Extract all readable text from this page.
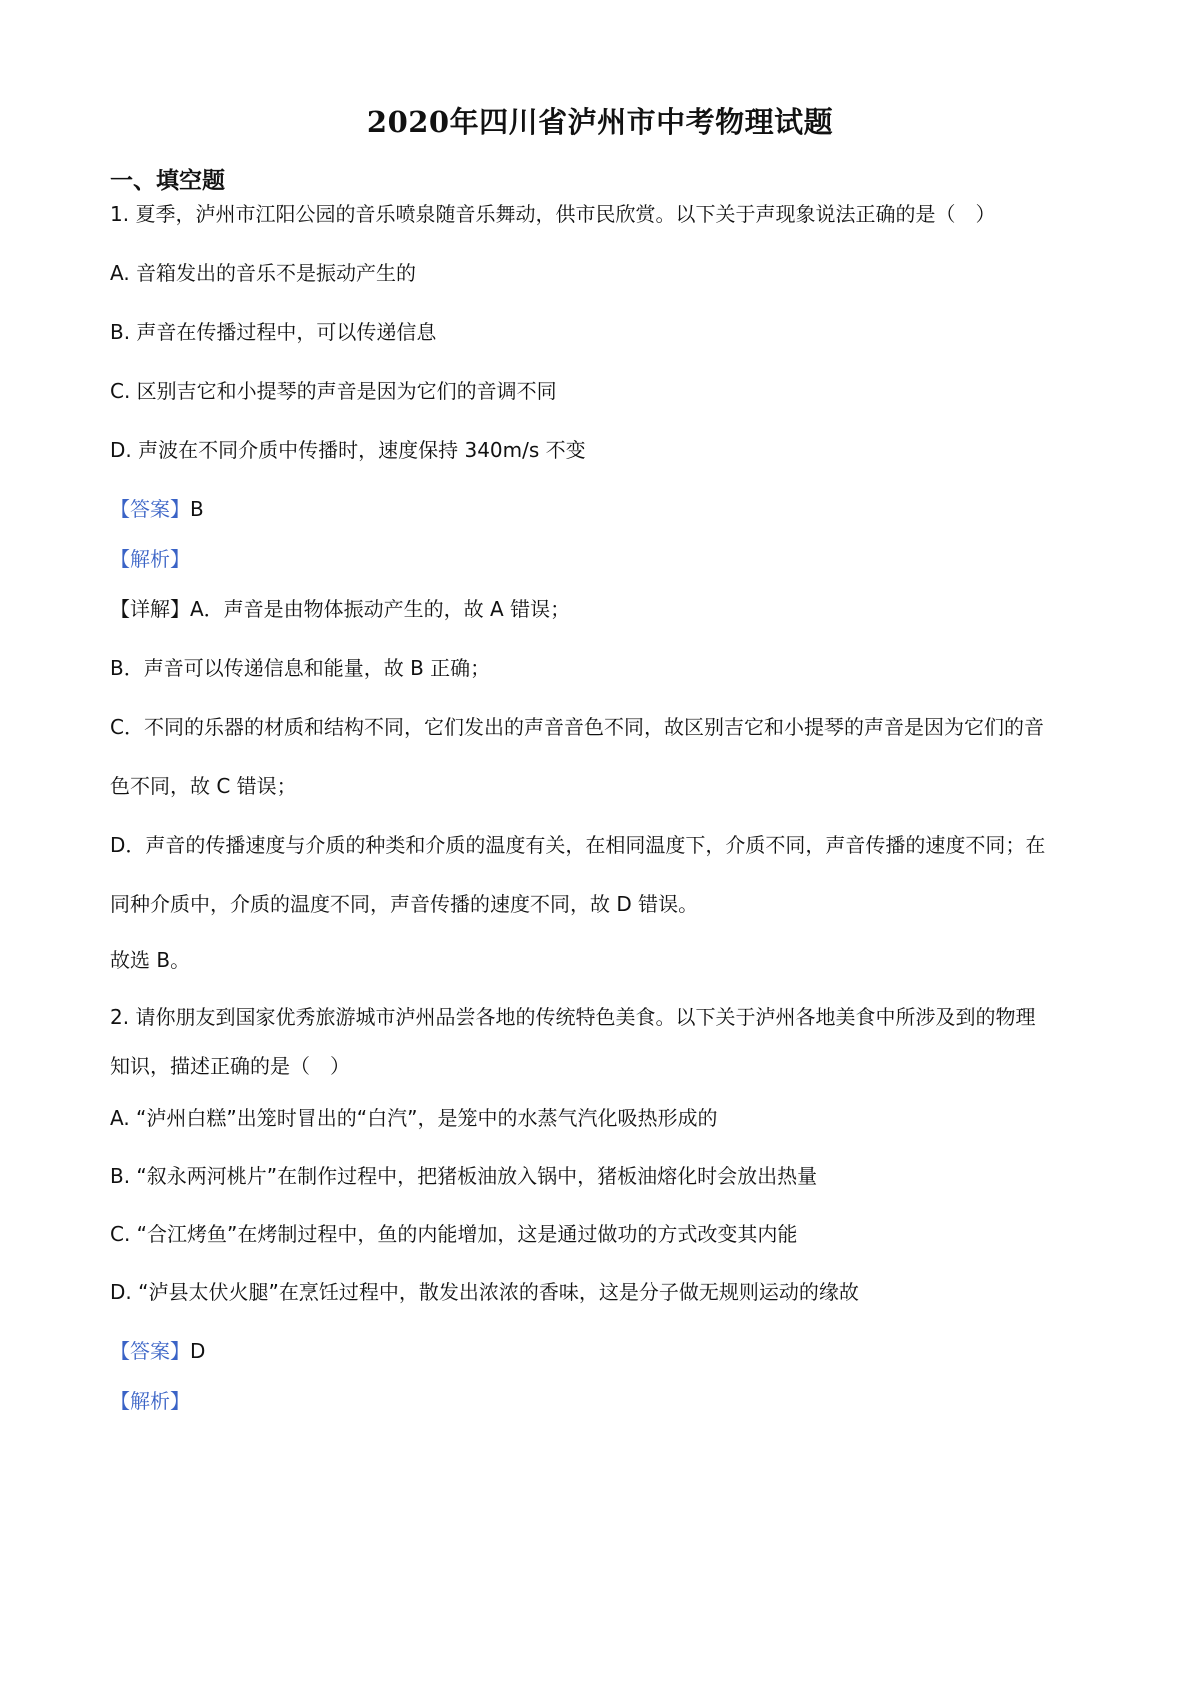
2020年四川省泸州市中考物理试题
一、填空题
1. 夏季，泸州市江阳公园的音乐喷泉随音乐舞动，供市民欣赏。以下关于声现象说法正确的是（　）
A. 音箱发出的音乐不是振动产生的
B. 声音在传播过程中，可以传递信息
C. 区别吉它和小提琴的声音是因为它们的音调不同
D. 声波在不同介质中传播时，速度保持 340m/s 不变
【答案】B
【解析】
【详解】A．声音是由物体振动产生的，故 A 错误；
B．声音可以传递信息和能量，故 B 正确；
C．不同的乐器的材质和结构不同，它们发出的声音音色不同，故区别吉它和小提琴的声音是因为它们的音
色不同，故 C 错误；
D．声音的传播速度与介质的种类和介质的温度有关，在相同温度下，介质不同，声音传播的速度不同；在
同种介质中，介质的温度不同，声音传播的速度不同，故 D 错误。
故选 B。
2. 请你朋友到国家优秀旅游城市泸州品尝各地的传统特色美食。以下关于泸州各地美食中所涉及到的物理
知识，描述正确的是（　）
A. “泸州白糕”出笼时冒出的“白汽”，是笼中的水蒸气汽化吸热形成的
B. “叙永两河桃片”在制作过程中，把猪板油放入锅中，猪板油熔化时会放出热量
C. “合江烤鱼”在烤制过程中，鱼的内能增加，这是通过做功的方式改变其内能
D. “泸县太伏火腿”在烹饪过程中，散发出浓浓的香味，这是分子做无规则运动的缘故
【答案】D
【解析】
